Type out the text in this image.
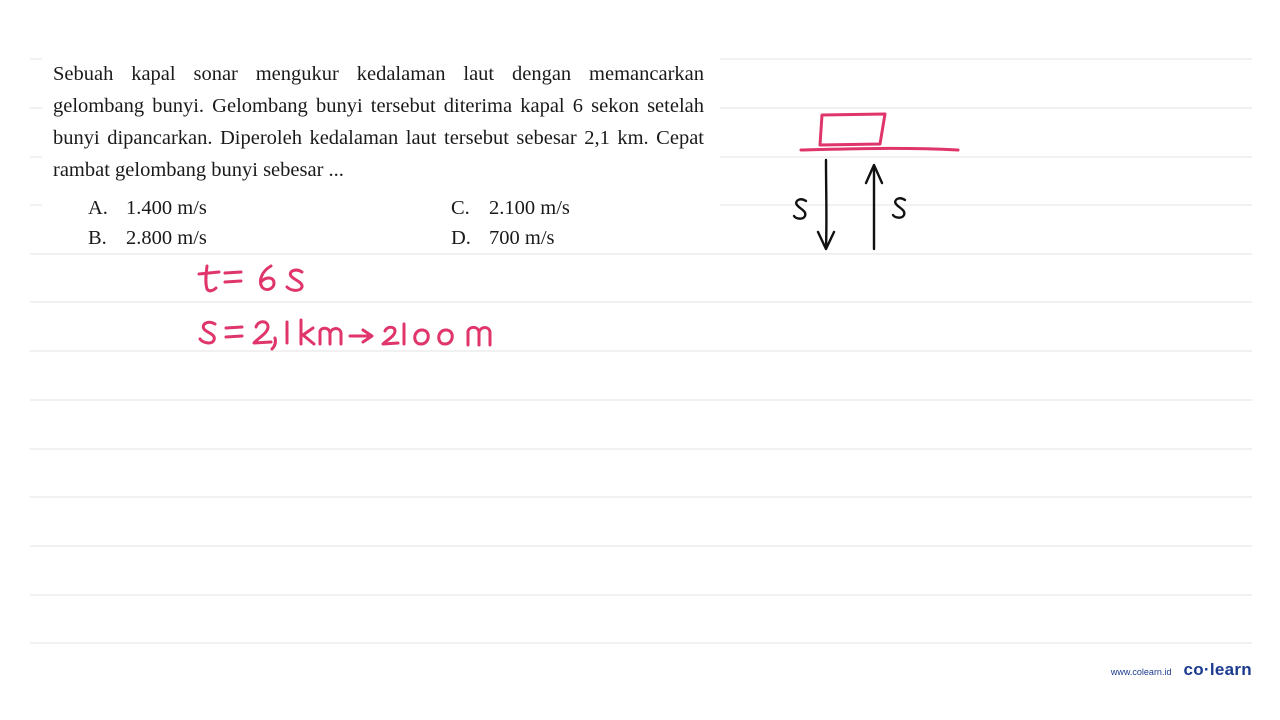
Sebuah kapal sonar mengukur kedalaman laut dengan memancarkan gelombang bunyi. Gelombang bunyi tersebut diterima kapal 6 sekon setelah bunyi dipancarkan. Diperoleh kedalaman laut tersebut sebesar 2,1 km. Cepat rambat gelombang bunyi sebesar ...

A. 1.400 m/s
B. 2.800 m/s
C. 2.100 m/s
D. 700 m/s
www.colearn.id co·learn
